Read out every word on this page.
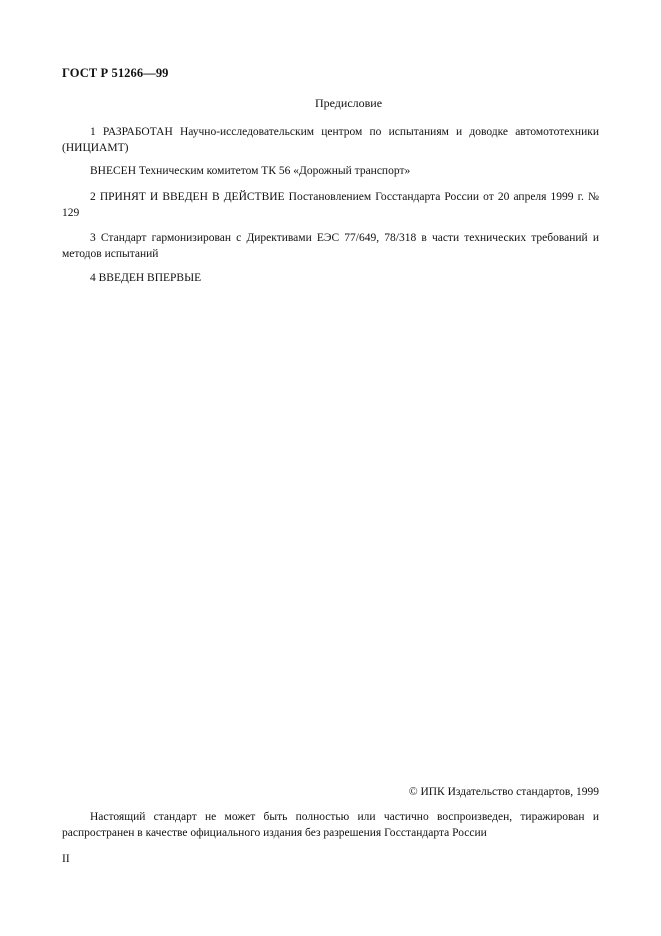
ГОСТ Р 51266—99
Предисловие

1 РАЗРАБОТАН Научно-исследовательским центром по испытаниям и доводке автомототехники (НИЦИАМТ)

ВНЕСЕН Техническим комитетом ТК 56 «Дорожный транспорт»

2 ПРИНЯТ И ВВЕДЕН В ДЕЙСТВИЕ Постановлением Госстандарта России от 20 апреля 1999 г. № 129

3 Стандарт гармонизирован с Директивами ЕЭС 77/649, 78/318 в части технических требований и методов испытаний

4 ВВЕДЕН ВПЕРВЫЕ

© ИПК Издательство стандартов, 1999

Настоящий стандарт не может быть полностью или частично воспроизведен, тиражирован и распространен в качестве официального издания без разрешения Госстандарта России

II
